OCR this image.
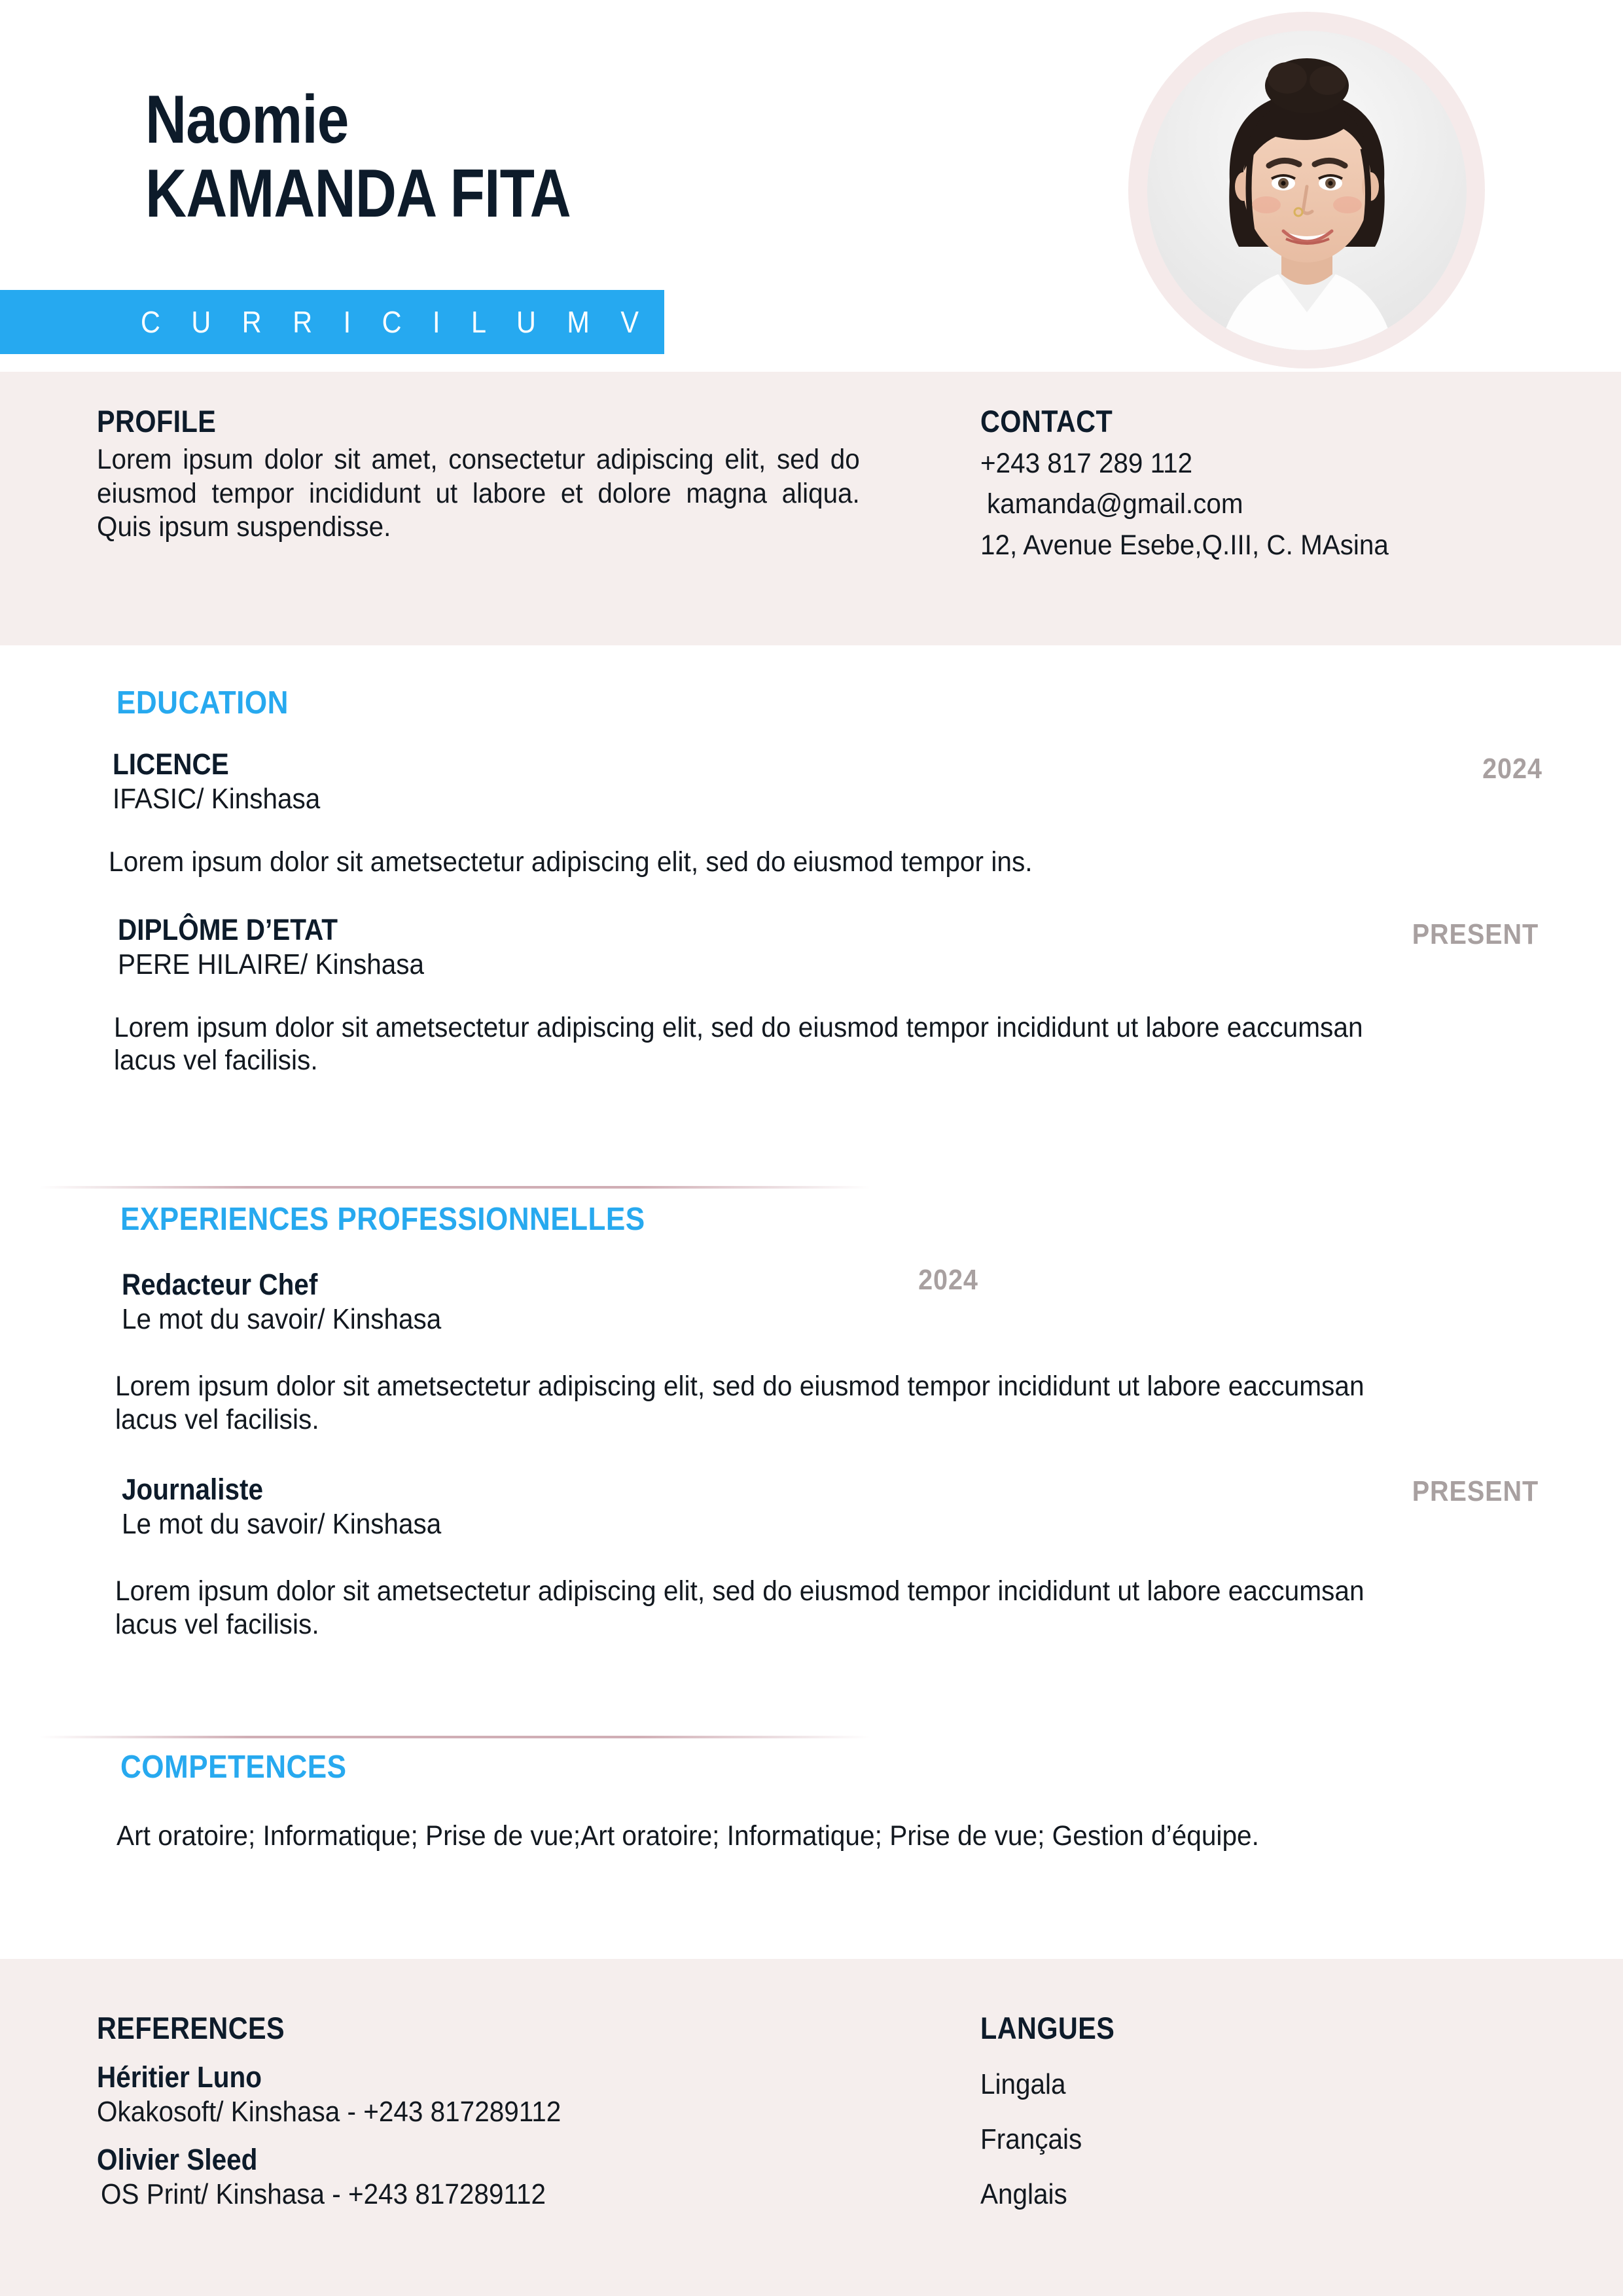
Naomie
KAMANDA FITA
C U R R I C I L U M V I T A E
PROFILE
Lorem ipsum dolor sit amet, consectetur adipiscing elit, sed do eiusmod tempor incididunt ut labore et dolore magna aliqua. Quis ipsum suspendisse.
CONTACT
+243 817 289 112
kamanda@gmail.com
12, Avenue Esebe,Q.III, C. MAsina
EDUCATION
LICENCE
IFASIC/ Kinshasa
2024
Lorem ipsum dolor sit ametsectetur adipiscing elit, sed do eiusmod tempor ins.
DIPLÔME D’ETAT
PERE HILAIRE/ Kinshasa
PRESENT
Lorem ipsum dolor sit ametsectetur adipiscing elit, sed do eiusmod tempor incididunt ut labore eaccumsan lacus vel facilisis.
EXPERIENCES PROFESSIONNELLES
Redacteur Chef
Le mot du savoir/ Kinshasa
2024
Lorem ipsum dolor sit ametsectetur adipiscing elit, sed do eiusmod tempor incididunt ut labore eaccumsan lacus vel facilisis.
Journaliste
Le mot du savoir/ Kinshasa
PRESENT
Lorem ipsum dolor sit ametsectetur adipiscing elit, sed do eiusmod tempor incididunt ut labore eaccumsan lacus vel facilisis.
COMPETENCES
Art oratoire; Informatique; Prise de vue;Art oratoire; Informatique; Prise de vue; Gestion d’équipe.
REFERENCES
Héritier Luno
Okakosoft/ Kinshasa - +243 817289112
Olivier Sleed
OS Print/ Kinshasa - +243 817289112
LANGUES
Lingala
Français
Anglais
